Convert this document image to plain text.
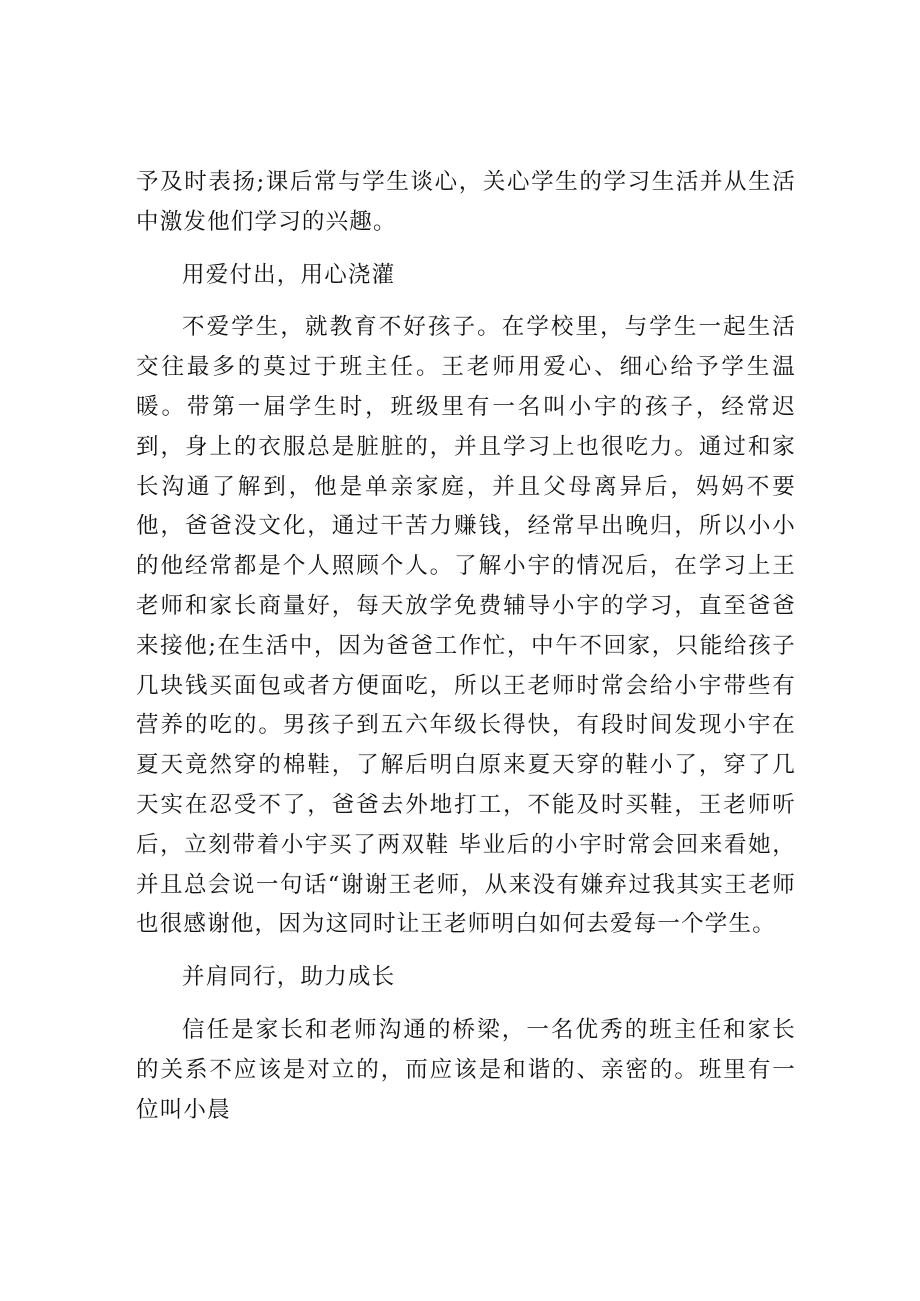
予及时表扬;课后常与学生谈心，关心学生的学习生活并从生活中激发他们学习的兴趣。

用爱付出，用心浇灌

不爱学生，就教育不好孩子。在学校里，与学生一起生活交往最多的莫过于班主任。王老师用爱心、细心给予学生温暖。带第一届学生时，班级里有一名叫小宇的孩子，经常迟到，身上的衣服总是脏脏的，并且学习上也很吃力。通过和家长沟通了解到，他是单亲家庭，并且父母离异后，妈妈不要他，爸爸没文化，通过干苦力赚钱，经常早出晚归，所以小小的他经常都是个人照顾个人。了解小宇的情况后，在学习上王老师和家长商量好，每天放学免费辅导小宇的学习，直至爸爸来接他;在生活中，因为爸爸工作忙，中午不回家，只能给孩子几块钱买面包或者方便面吃，所以王老师时常会给小宇带些有营养的吃的。男孩子到五六年级长得快，有段时间发现小宇在夏天竟然穿的棉鞋，了解后明白原来夏天穿的鞋小了，穿了几天实在忍受不了，爸爸去外地打工，不能及时买鞋，王老师听后，立刻带着小宇买了两双鞋 毕业后的小宇时常会回来看她，并且总会说一句话“谢谢王老师，从来没有嫌弃过我其实王老师也很感谢他，因为这同时让王老师明白如何去爱每一个学生。

并肩同行，助力成长

信任是家长和老师沟通的桥梁，一名优秀的班主任和家长的关系不应该是对立的，而应该是和谐的、亲密的。班里有一位叫小晨
